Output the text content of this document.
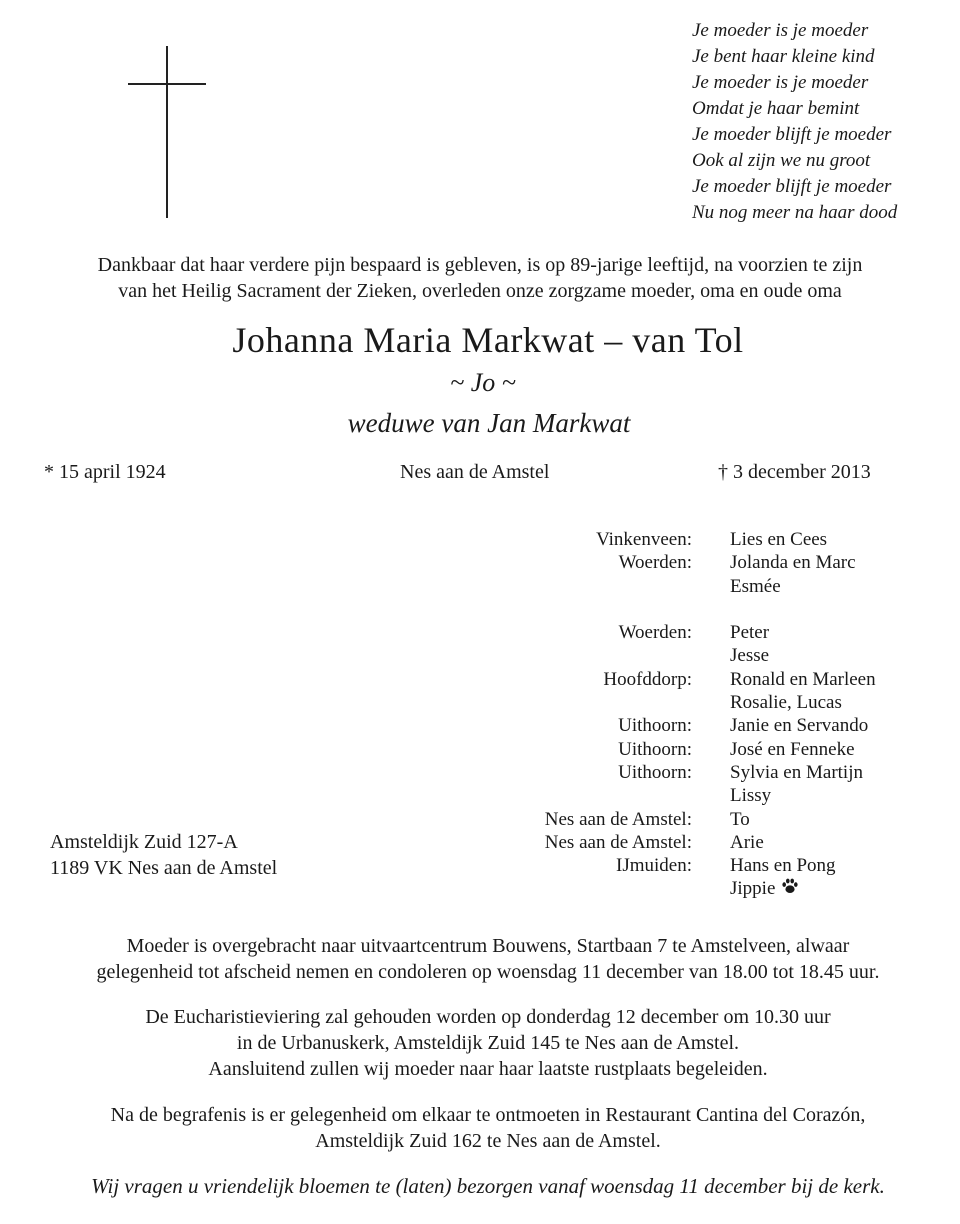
Je moeder is je moeder
Je bent haar kleine kind
Je moeder is je moeder
Omdat je haar bemint
Je moeder blijft je moeder
Ook al zijn we nu groot
Je moeder blijft je moeder
Nu nog meer na haar dood
Dankbaar dat haar verdere pijn bespaard is gebleven, is op 89-jarige leeftijd, na voorzien te zijn
van het Heilig Sacrament der Zieken, overleden onze zorgzame moeder, oma en oude oma
Johanna Maria Markwat – van Tol
~ Jo ~
weduwe van Jan Markwat
* 15 april 1924	Nes aan de Amstel	† 3 december 2013
Vinkenveen: Lies en Cees
Woerden: Jolanda en Marc
Esmée
Woerden: Peter
Jesse
Hoofddorp: Ronald en Marleen
Rosalie, Lucas
Uithoorn: Janie en Servando
Uithoorn: José en Fenneke
Uithoorn: Sylvia en Martijn
Lissy
Nes aan de Amstel: To
Nes aan de Amstel: Arie
IJmuiden: Hans en Pong
Jippie
Amsteldijk Zuid 127-A
1189 VK Nes aan de Amstel
Moeder is overgebracht naar uitvaartcentrum Bouwens, Startbaan 7 te Amstelveen, alwaar
gelegenheid tot afscheid nemen en condoleren op woensdag 11 december van 18.00 tot 18.45 uur.
De Eucharistieviering zal gehouden worden op donderdag 12 december om 10.30 uur
in de Urbanuskerk, Amsteldijk Zuid 145 te Nes aan de Amstel.
Aansluitend zullen wij moeder naar haar laatste rustplaats begeleiden.
Na de begrafenis is er gelegenheid om elkaar te ontmoeten in Restaurant Cantina del Corazón,
Amsteldijk Zuid 162 te Nes aan de Amstel.
Wij vragen u vriendelijk bloemen te (laten) bezorgen vanaf woensdag 11 december bij de kerk.
